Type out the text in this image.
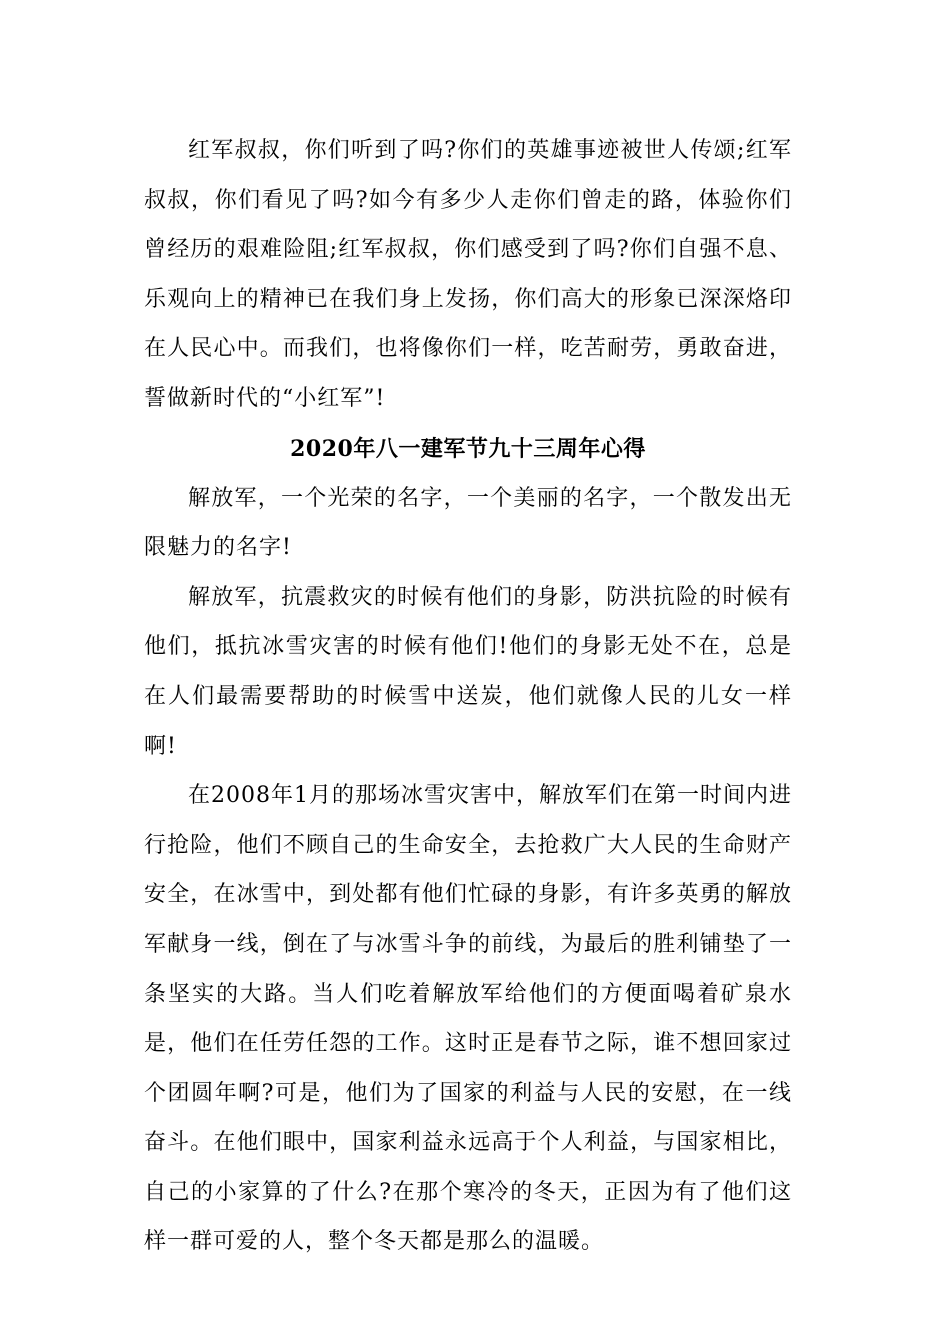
红军叔叔，你们听到了吗?你们的英雄事迹被世人传颂;红军叔叔，你们看见了吗?如今有多少人走你们曾走的路，体验你们曾经历的艰难险阻;红军叔叔，你们感受到了吗?你们自强不息、乐观向上的精神已在我们身上发扬，你们高大的形象已深深烙印在人民心中。而我们，也将像你们一样，吃苦耐劳，勇敢奋进，誓做新时代的“小红军”!

2020年八一建军节九十三周年心得

解放军，一个光荣的名字，一个美丽的名字，一个散发出无限魅力的名字!

解放军，抗震救灾的时候有他们的身影，防洪抗险的时候有他们，抵抗冰雪灾害的时候有他们!他们的身影无处不在，总是在人们最需要帮助的时候雪中送炭，他们就像人民的儿女一样啊!

在2008年1月的那场冰雪灾害中，解放军们在第一时间内进行抢险，他们不顾自己的生命安全，去抢救广大人民的生命财产安全，在冰雪中，到处都有他们忙碌的身影，有许多英勇的解放军献身一线，倒在了与冰雪斗争的前线，为最后的胜利铺垫了一条坚实的大路。当人们吃着解放军给他们的方便面喝着矿泉水是，他们在任劳任怨的工作。这时正是春节之际，谁不想回家过个团圆年啊?可是，他们为了国家的利益与人民的安慰，在一线奋斗。在他们眼中，国家利益永远高于个人利益，与国家相比，自己的小家算的了什么?在那个寒冷的冬天，正因为有了他们这样一群可爱的人，整个冬天都是那么的温暖。
